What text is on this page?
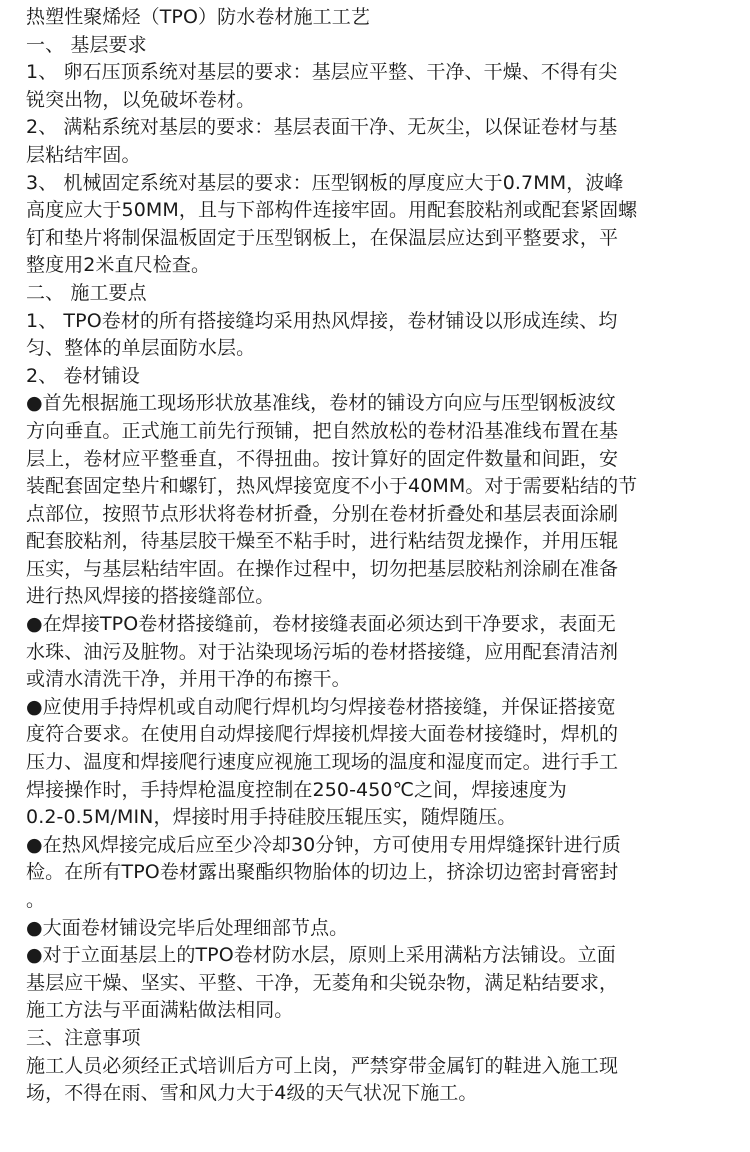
热塑性聚烯烃（TPO）防水卷材施工工艺
一、 基层要求
1、 卵石压顶系统对基层的要求：基层应平整、干净、干燥、不得有尖
锐突出物，以免破坏卷材。
2、 满粘系统对基层的要求：基层表面干净、无灰尘，以保证卷材与基
层粘结牢固。
3、 机械固定系统对基层的要求：压型钢板的厚度应大于0.7MM，波峰
高度应大于50MM，且与下部构件连接牢固。用配套胶粘剂或配套紧固螺
钉和垫片将制保温板固定于压型钢板上，在保温层应达到平整要求，平
整度用2米直尺检查。
二、 施工要点
1、 TPO卷材的所有搭接缝均采用热风焊接，卷材铺设以形成连续、均
匀、整体的单层面防水层。
2、 卷材铺设
●首先根据施工现场形状放基准线，卷材的铺设方向应与压型钢板波纹
方向垂直。正式施工前先行预铺，把自然放松的卷材沿基准线布置在基
层上，卷材应平整垂直，不得扭曲。按计算好的固定件数量和间距，安
装配套固定垫片和螺钉，热风焊接宽度不小于40MM。对于需要粘结的节
点部位，按照节点形状将卷材折叠，分别在卷材折叠处和基层表面涂刷
配套胶粘剂，待基层胶干燥至不粘手时，进行粘结贺龙操作，并用压辊
压实，与基层粘结牢固。在操作过程中，切勿把基层胶粘剂涂刷在准备
进行热风焊接的搭接缝部位。
●在焊接TPO卷材搭接缝前，卷材接缝表面必须达到干净要求，表面无
水珠、油污及脏物。对于沾染现场污垢的卷材搭接缝，应用配套清洁剂
或清水清洗干净，并用干净的布擦干。
●应使用手持焊机或自动爬行焊机均匀焊接卷材搭接缝，并保证搭接宽
度符合要求。在使用自动焊接爬行焊接机焊接大面卷材接缝时，焊机的
压力、温度和焊接爬行速度应视施工现场的温度和湿度而定。进行手工
焊接操作时，手持焊枪温度控制在250-450℃之间，焊接速度为
0.2-0.5M/MIN，焊接时用手持硅胶压辊压实，随焊随压。
●在热风焊接完成后应至少冷却30分钟，方可使用专用焊缝探针进行质
检。在所有TPO卷材露出聚酯织物胎体的切边上，挤涂切边密封膏密封
。
●大面卷材铺设完毕后处理细部节点。
●对于立面基层上的TPO卷材防水层，原则上采用满粘方法铺设。立面
基层应干燥、坚实、平整、干净，无菱角和尖锐杂物，满足粘结要求，
施工方法与平面满粘做法相同。
三、注意事项
施工人员必须经正式培训后方可上岗，严禁穿带金属钉的鞋进入施工现
场，不得在雨、雪和风力大于4级的天气状况下施工。
